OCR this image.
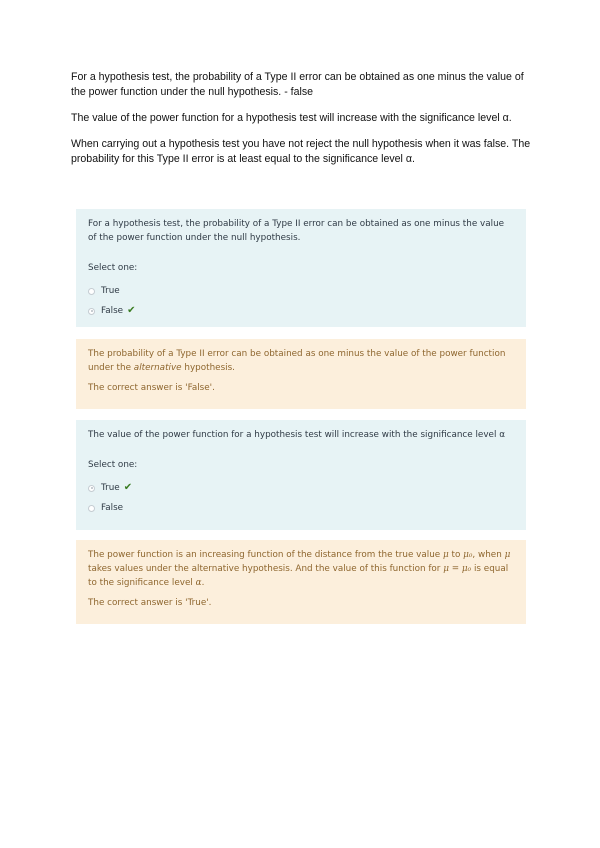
For a hypothesis test, the probability of a Type II error can be obtained as one minus the value of the power function under the null hypothesis. - false

The value of the power function for a hypothesis test will increase with the significance level α.

When carrying out a hypothesis test you have not reject the null hypothesis when it was false. The probability for this Type II error is at least equal to the significance level α.

For a hypothesis test, the probability of a Type II error can be obtained as one minus the value of the power function under the null hypothesis.

Select one:

True
False ✔

The probability of a Type II error can be obtained as one minus the value of the power function under the alternative hypothesis.

The correct answer is 'False'.

The value of the power function for a hypothesis test will increase with the significance level α

Select one:

True ✔
False

The power function is an increasing function of the distance from the true value μ to μ₀, when μ takes values under the alternative hypothesis. And the value of this function for μ = μ₀ is equal to the significance level α.

The correct answer is 'True'.
